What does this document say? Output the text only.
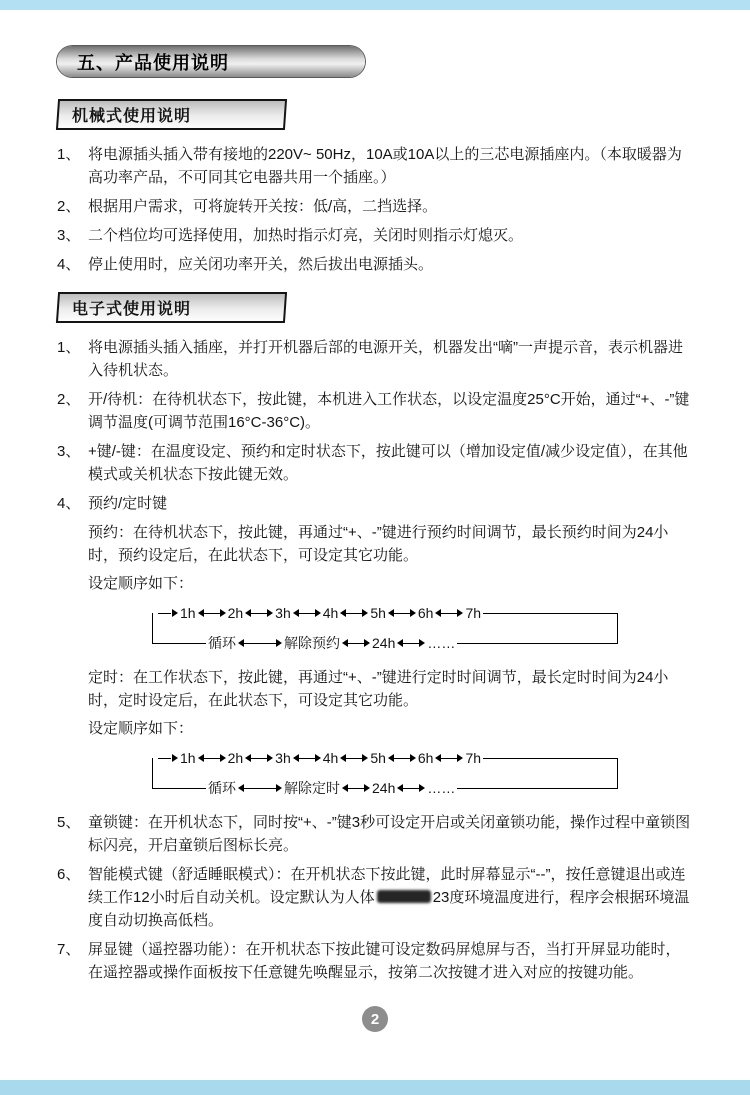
五、产品使用说明
机械式使用说明
1、 将电源插头插入带有接地的220V~ 50Hz，10A或10A以上的三芯电源插座内。（本取暖器为高功率产品，不可同其它电器共用一个插座。）
2、 根据用户需求，可将旋转开关按：低/高，二挡选择。
3、 二个档位均可选择使用，加热时指示灯亮，关闭时则指示灯熄灭。
4、 停止使用时，应关闭功率开关，然后拔出电源插头。
电子式使用说明
1、 将电源插头插入插座，并打开机器后部的电源开关，机器发出“嘀”一声提示音，表示机器进入待机状态。
2、 开/待机：在待机状态下，按此键，本机进入工作状态，以设定温度25°C开始，通过“+、-”键调节温度(可调节范围16°C-36°C)。
3、 +键/-键：在温度设定、预约和定时状态下，按此键可以（增加设定值/减少设定值），在其他模式或关机状态下按此键无效。
4、 预约/定时键

预约：在待机状态下，按此键，再通过“+、-”键进行预约时间调节，最长预约时间为24小时，预约设定后，在此状态下，可设定其它功能。

设定顺序如下：

1h 2h 3h 4h 5h 6h 7h
循环	解除预约 24h ……

定时：在工作状态下，按此键，再通过“+、-”键进行定时时间调节，最长定时时间为24小时，定时设定后，在此状态下，可设定其它功能。

设定顺序如下：

1h 2h 3h 4h 5h 6h 7h
循环	解除定时 24h ……
5、 童锁键：在开机状态下，同时按“+、-”键3秒可设定开启或关闭童锁功能，操作过程中童锁图标闪亮，开启童锁后图标长亮。
6、 智能模式键（舒适睡眠模式）：在开机状态下按此键，此时屏幕显示“--”，按任意键退出或连续工作12小时后自动关机。设定默认为人体	23度环境温度进行，程序会根据环境温度自动切换高低档。
7、 屏显键（遥控器功能）：在开机状态下按此键可设定数码屏熄屏与否，当打开屏显功能时，在遥控器或操作面板按下任意键先唤醒显示，按第二次按键才进入对应的按键功能。
2
